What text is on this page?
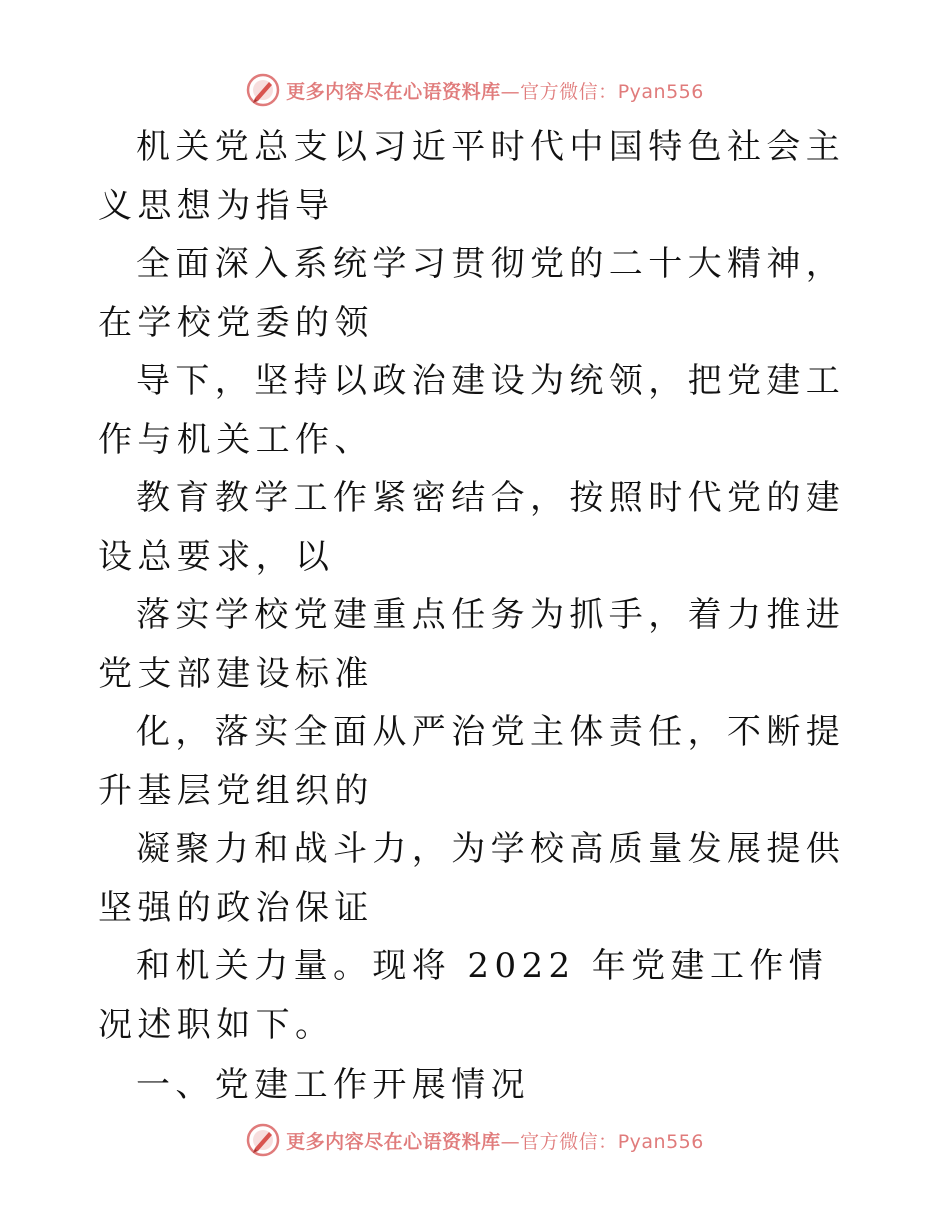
更多内容尽在心语资料库—官方微信：Pyan556

机关党总支以习近平时代中国特色社会主义思想为指导

全面深入系统学习贯彻党的二十大精神，在学校党委的领

导下，坚持以政治建设为统领，把党建工作与机关工作、

教育教学工作紧密结合，按照时代党的建设总要求，以

落实学校党建重点任务为抓手，着力推进党支部建设标准

化，落实全面从严治党主体责任，不断提升基层党组织的

凝聚力和战斗力，为学校高质量发展提供坚强的政治保证

和机关力量。现将 2022 年党建工作情况述职如下。

一、党建工作开展情况

更多内容尽在心语资料库—官方微信：Pyan556
